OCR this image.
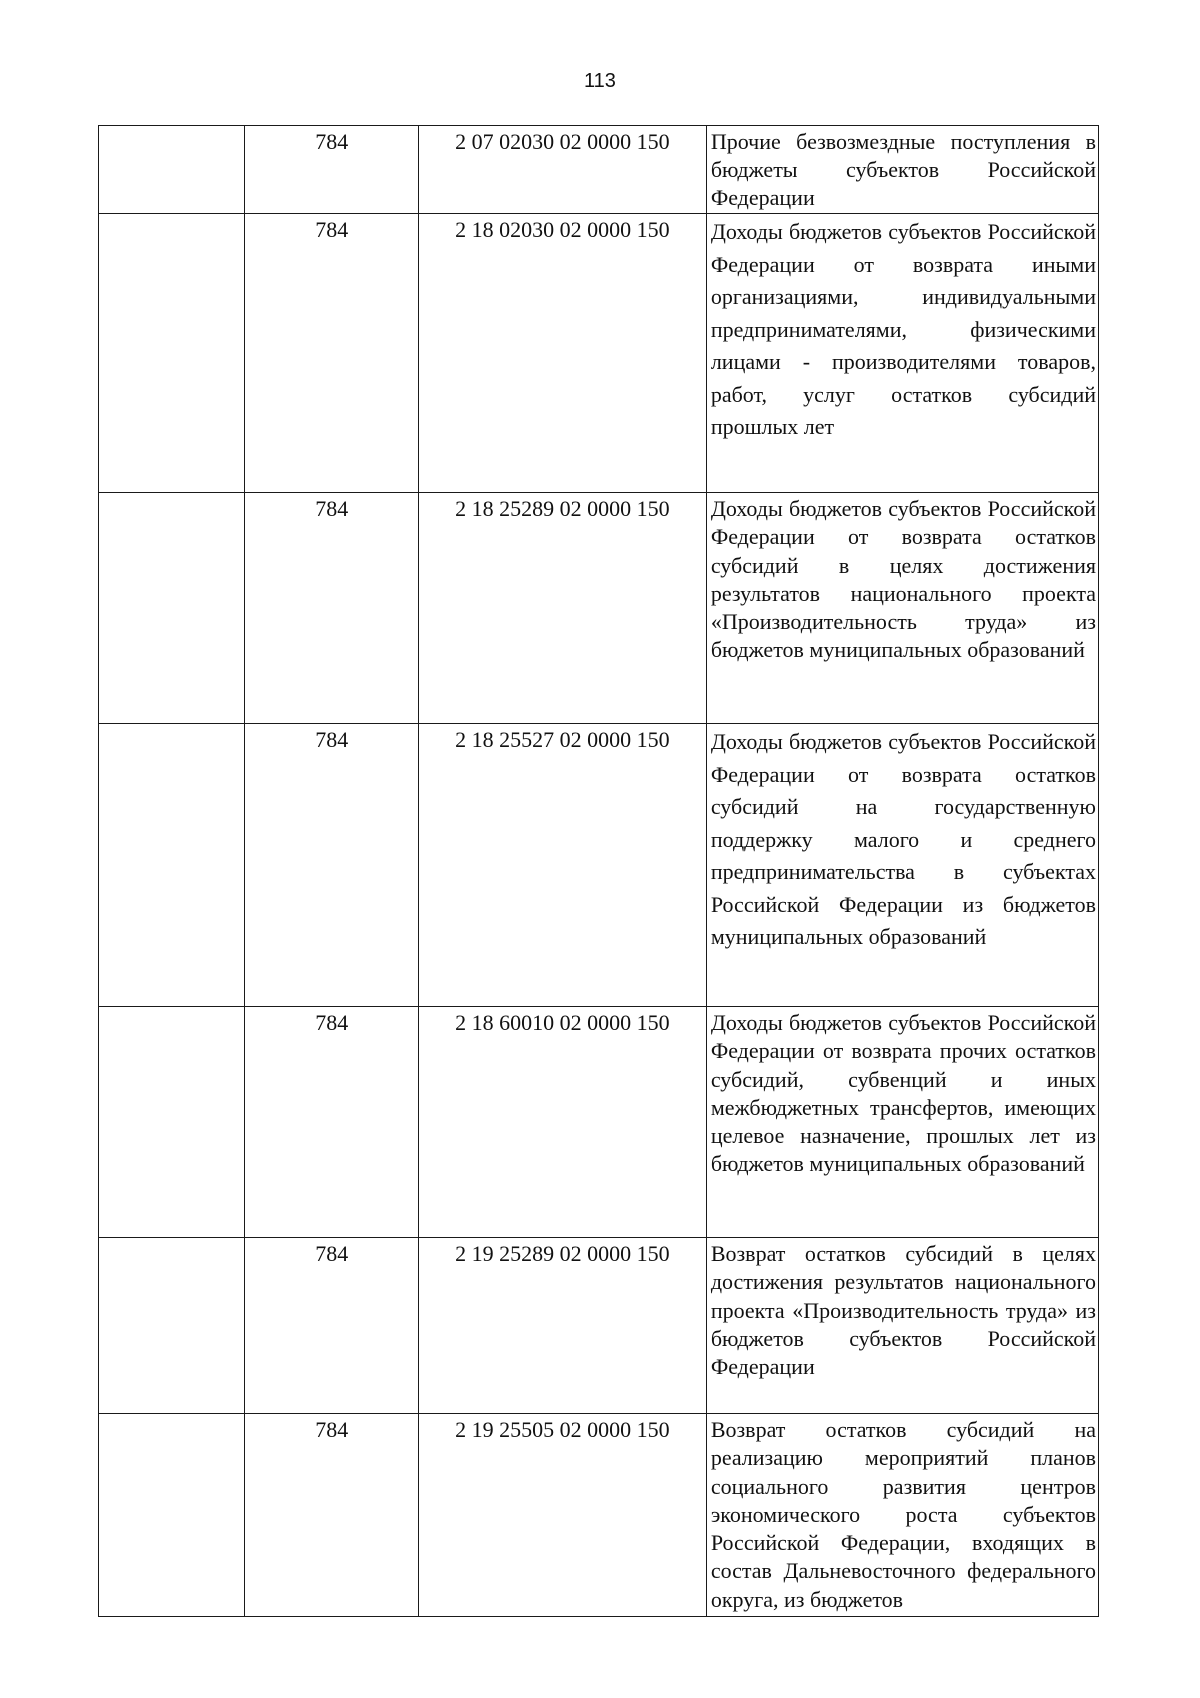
113
	784	2 07 02030 02 0000 150	Прочие безвозмездные поступления в бюджеты субъектов Российской Федерации

	784	2 18 02030 02 0000 150	Доходы бюджетов субъектов Российской Федерации от возврата иными организациями, индивидуальными предпринимателями, физическими лицами - производителями товаров, работ, услуг остатков субсидий прошлых лет

	784	2 18 25289 02 0000 150	Доходы бюджетов субъектов Российской Федерации от возврата остатков субсидий в целях достижения результатов национального проекта «Производительность труда» из бюджетов муниципальных образований

	784	2 18 25527 02 0000 150	Доходы бюджетов субъектов Российской Федерации от возврата остатков субсидий на государственную поддержку малого и среднего предпринимательства в субъектах Российской Федерации из бюджетов муниципальных образований

	784	2 18 60010 02 0000 150	Доходы бюджетов субъектов Российской Федерации от возврата прочих остатков субсидий, субвенций и иных межбюджетных трансфертов, имеющих целевое назначение, прошлых лет из бюджетов муниципальных образований

	784	2 19 25289 02 0000 150	Возврат остатков субсидий в целях достижения результатов национального проекта «Производительность труда» из бюджетов субъектов Российской Федерации

	784	2 19 25505 02 0000 150	Возврат остатков субсидий на реализацию мероприятий планов социального развития центров экономического роста субъектов Российской Федерации, входящих в состав Дальневосточного федерального округа, из бюджетов
